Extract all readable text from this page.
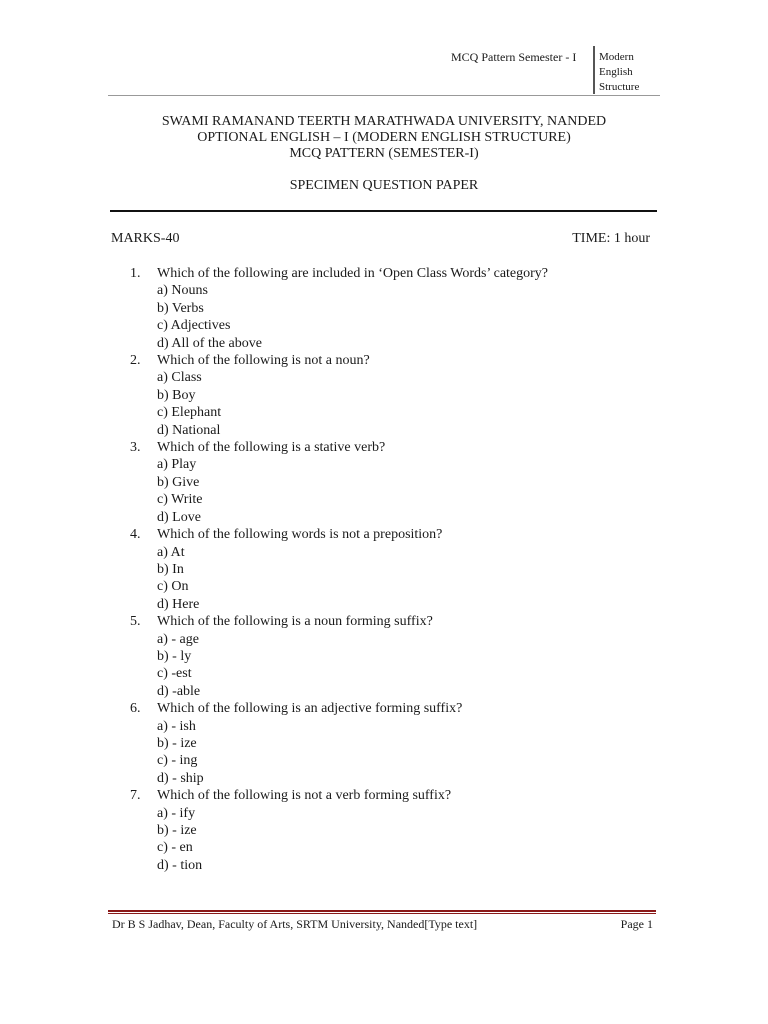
MCQ Pattern Semester - I Modern
English
Structure
SWAMI RAMANAND TEERTH MARATHWADA UNIVERSITY, NANDED
OPTIONAL ENGLISH – I (MODERN ENGLISH STRUCTURE)
MCQ PATTERN (SEMESTER-I)
SPECIMEN QUESTION PAPER
MARKS-40	TIME: 1 hour
1.	Which of the following are included in ‘Open Class Words’ category?
a) Nouns
b) Verbs
c) Adjectives
d) All of the above
2.	Which of the following is not a noun?
a) Class
b) Boy
c) Elephant
d) National
3.	Which of the following is a stative verb?
a) Play
b) Give
c) Write
d) Love
4.	Which of the following words is not a preposition?
a) At
b) In
c) On
d) Here
5.	Which of the following is a noun forming suffix?
a) - age
b) - ly
c) -est
d) -able
6.	Which of the following is an adjective forming suffix?
a) - ish
b) - ize
c) - ing
d) - ship
7.	Which of the following is not a verb forming suffix?
a) - ify
b) - ize
c) - en
d) - tion
Dr B S Jadhav, Dean, Faculty of Arts, SRTM University, Nanded[Type text]	Page 1
